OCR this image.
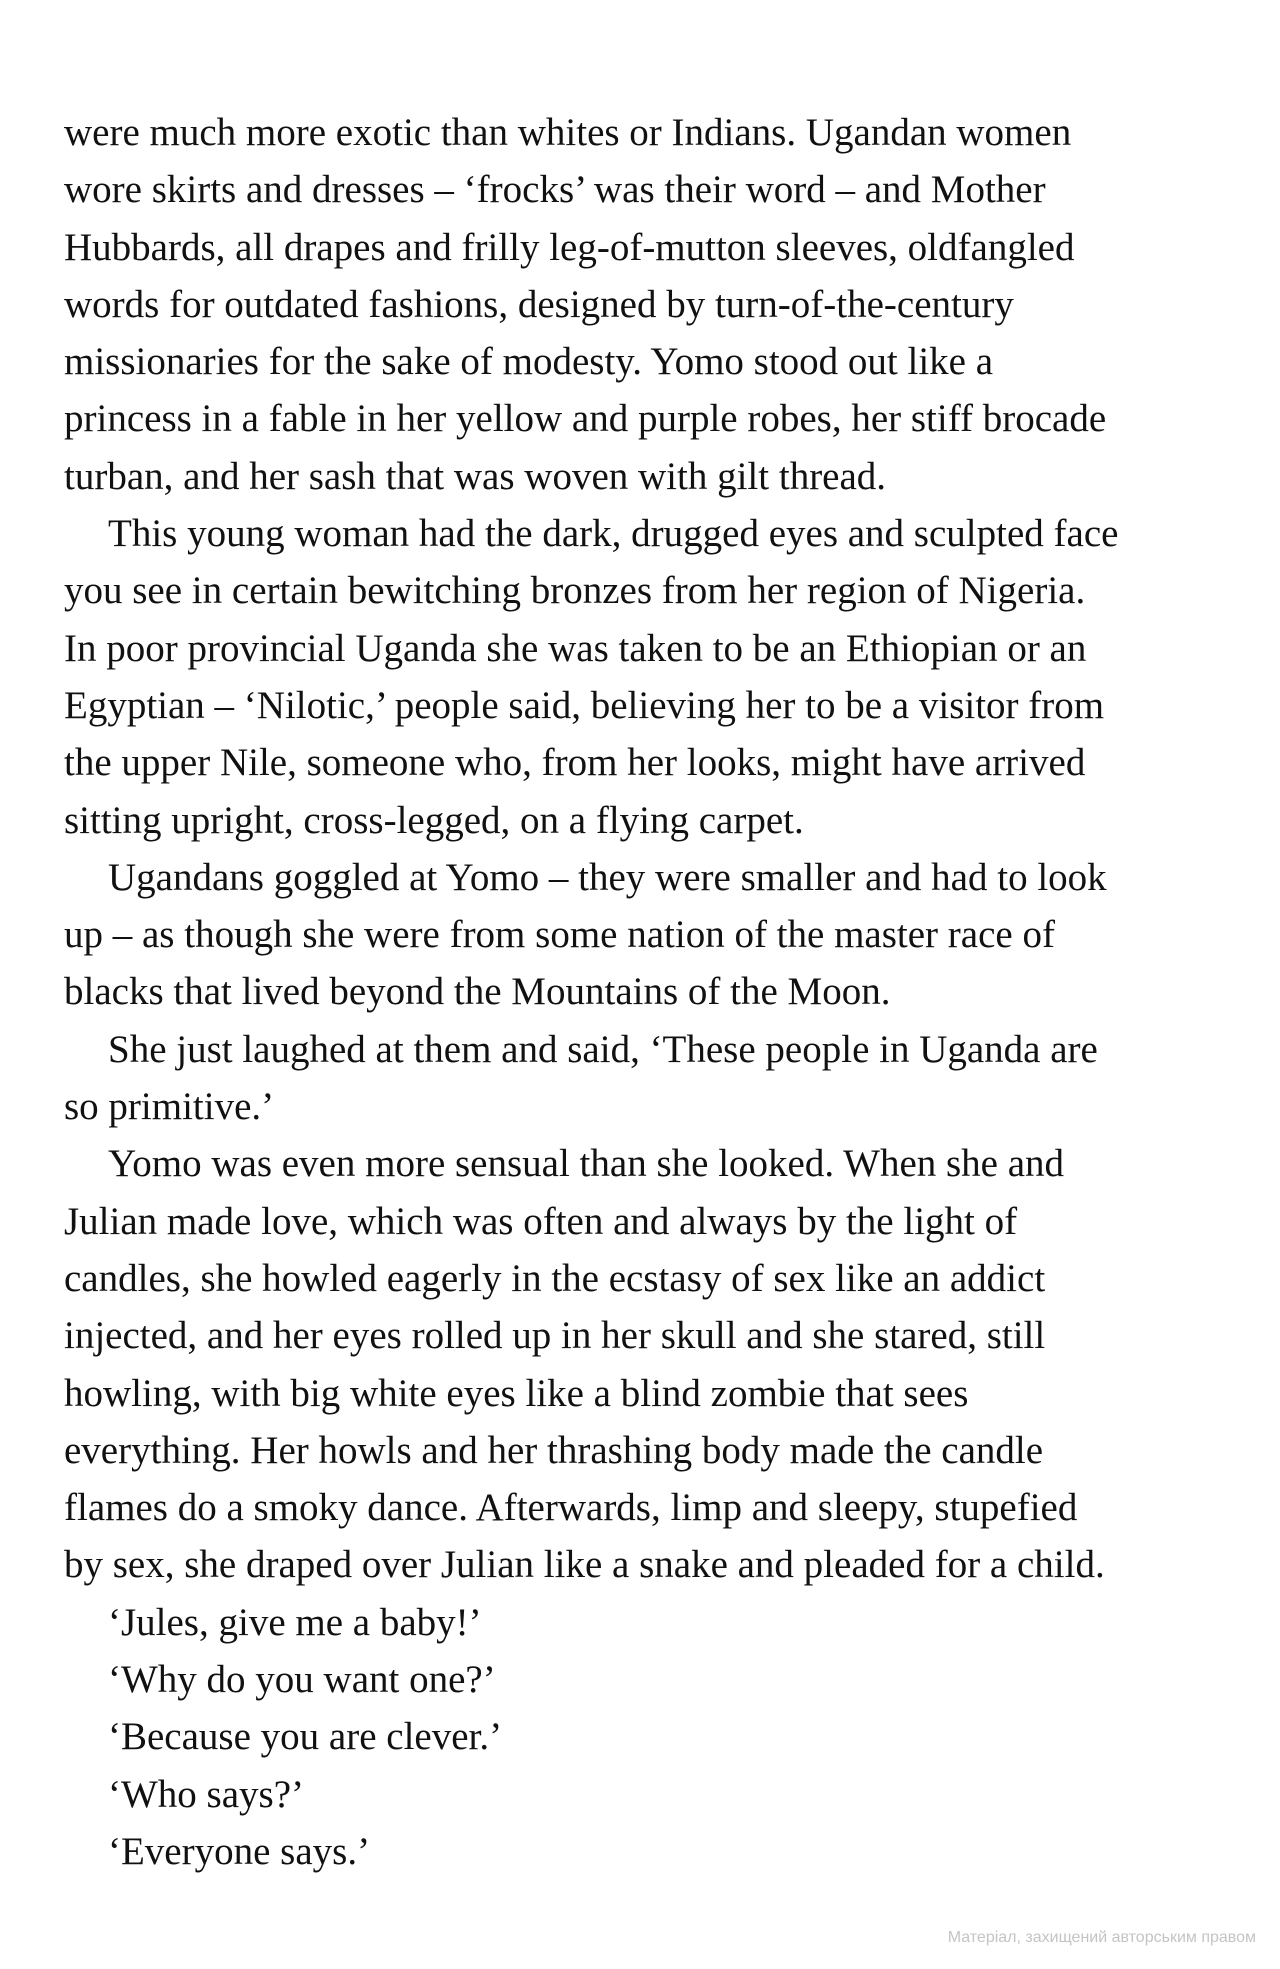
were much more exotic than whites or Indians. Ugandan women
wore skirts and dresses – ‘frocks’ was their word – and Mother
Hubbards, all drapes and frilly leg-of-mutton sleeves, oldfangled
words for outdated fashions, designed by turn-of-the-century
missionaries for the sake of modesty. Yomo stood out like a
princess in a fable in her yellow and purple robes, her stiff brocade
turban, and her sash that was woven with gilt thread.

This young woman had the dark, drugged eyes and sculpted face
you see in certain bewitching bronzes from her region of Nigeria.
In poor provincial Uganda she was taken to be an Ethiopian or an
Egyptian – ‘Nilotic,’ people said, believing her to be a visitor from
the upper Nile, someone who, from her looks, might have arrived
sitting upright, cross-legged, on a flying carpet.

Ugandans goggled at Yomo – they were smaller and had to look
up – as though she were from some nation of the master race of
blacks that lived beyond the Mountains of the Moon.

She just laughed at them and said, ‘These people in Uganda are
so primitive.’

Yomo was even more sensual than she looked. When she and
Julian made love, which was often and always by the light of
candles, she howled eagerly in the ecstasy of sex like an addict
injected, and her eyes rolled up in her skull and she stared, still
howling, with big white eyes like a blind zombie that sees
everything. Her howls and her thrashing body made the candle
flames do a smoky dance. Afterwards, limp and sleepy, stupefied
by sex, she draped over Julian like a snake and pleaded for a child.

‘Jules, give me a baby!’

‘Why do you want one?’

‘Because you are clever.’

‘Who says?’

‘Everyone says.’

Матеріал, захищений авторським правом
